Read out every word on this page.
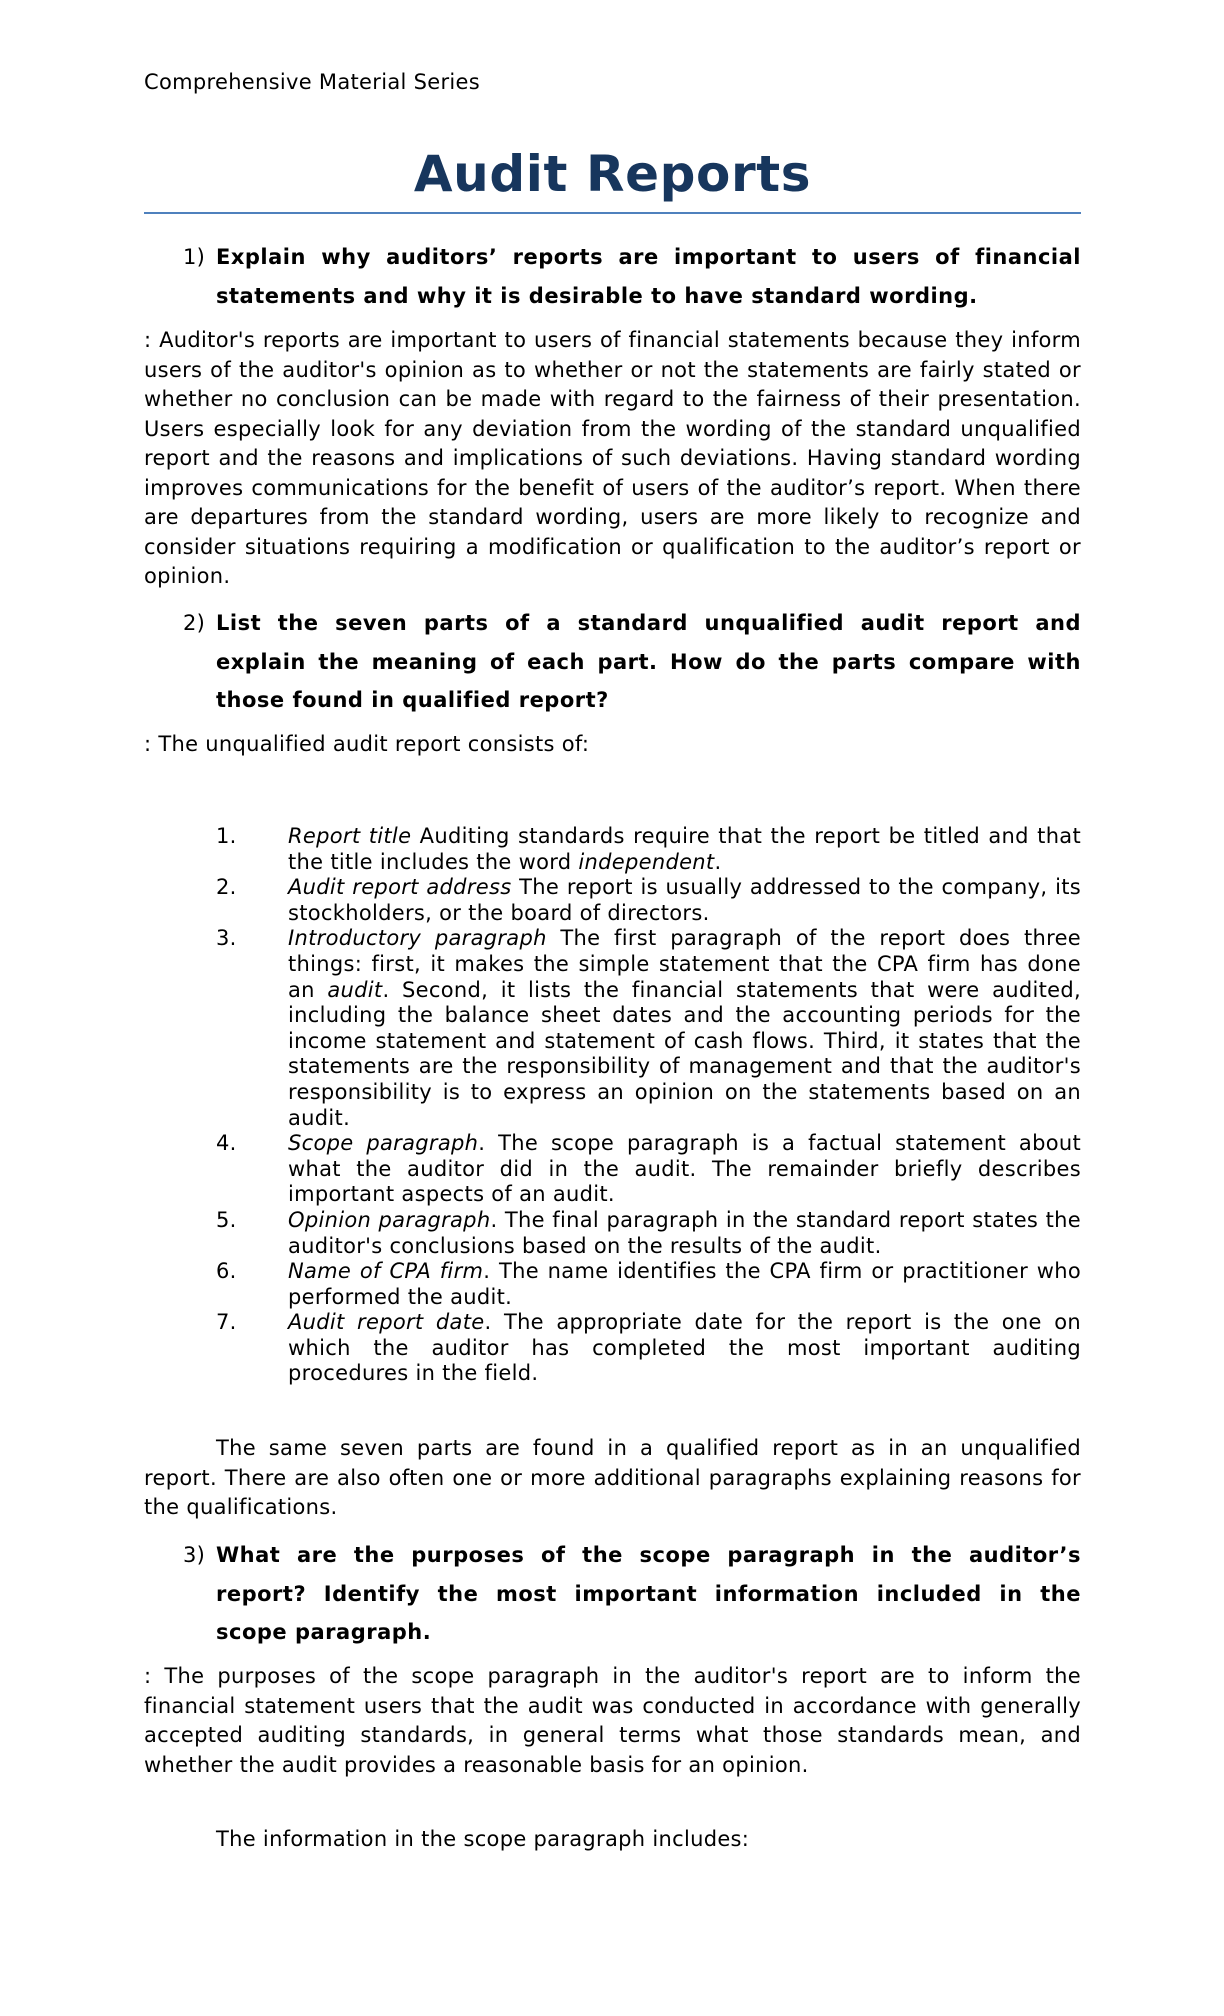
Comprehensive Material Series
Audit Reports
1) Explain why auditors’ reports are important to users of financial statements and why it is desirable to have standard wording.

: Auditor's reports are important to users of financial statements because they inform users of the auditor's opinion as to whether or not the statements are fairly stated or whether no conclusion can be made with regard to the fairness of their presentation. Users especially look for any deviation from the wording of the standard unqualified report and the reasons and implications of such deviations. Having standard wording improves communications for the benefit of users of the auditor’s report. When there are departures from the standard wording, users are more likely to recognize and consider situations requiring a modification or qualification to the auditor’s report or opinion.

2) List the seven parts of a standard unqualified audit report and explain the meaning of each part. How do the parts compare with those found in qualified report?

: The unqualified audit report consists of:

1. Report title Auditing standards require that the report be titled and that the title includes the word independent.
2. Audit report address The report is usually addressed to the company, its stockholders, or the board of directors.
3. Introductory paragraph The first paragraph of the report does three things: first, it makes the simple statement that the CPA firm has done an audit. Second, it lists the financial statements that were audited, including the balance sheet dates and the accounting periods for the income statement and statement of cash flows. Third, it states that the statements are the responsibility of management and that the auditor's responsibility is to express an opinion on the statements based on an audit.
4. Scope paragraph. The scope paragraph is a factual statement about what the auditor did in the audit. The remainder briefly describes important aspects of an audit.
5. Opinion paragraph. The final paragraph in the standard report states the auditor's conclusions based on the results of the audit.
6. Name of CPA firm. The name identifies the CPA firm or practitioner who performed the audit.
7. Audit report date. The appropriate date for the report is the one on which the auditor has completed the most important auditing procedures in the field.

The same seven parts are found in a qualified report as in an unqualified report. There are also often one or more additional paragraphs explaining reasons for the qualifications.

3) What are the purposes of the scope paragraph in the auditor’s report? Identify the most important information included in the scope paragraph.

: The purposes of the scope paragraph in the auditor's report are to inform the financial statement users that the audit was conducted in accordance with generally accepted auditing standards, in general terms what those standards mean, and whether the audit provides a reasonable basis for an opinion.

The information in the scope paragraph includes:
